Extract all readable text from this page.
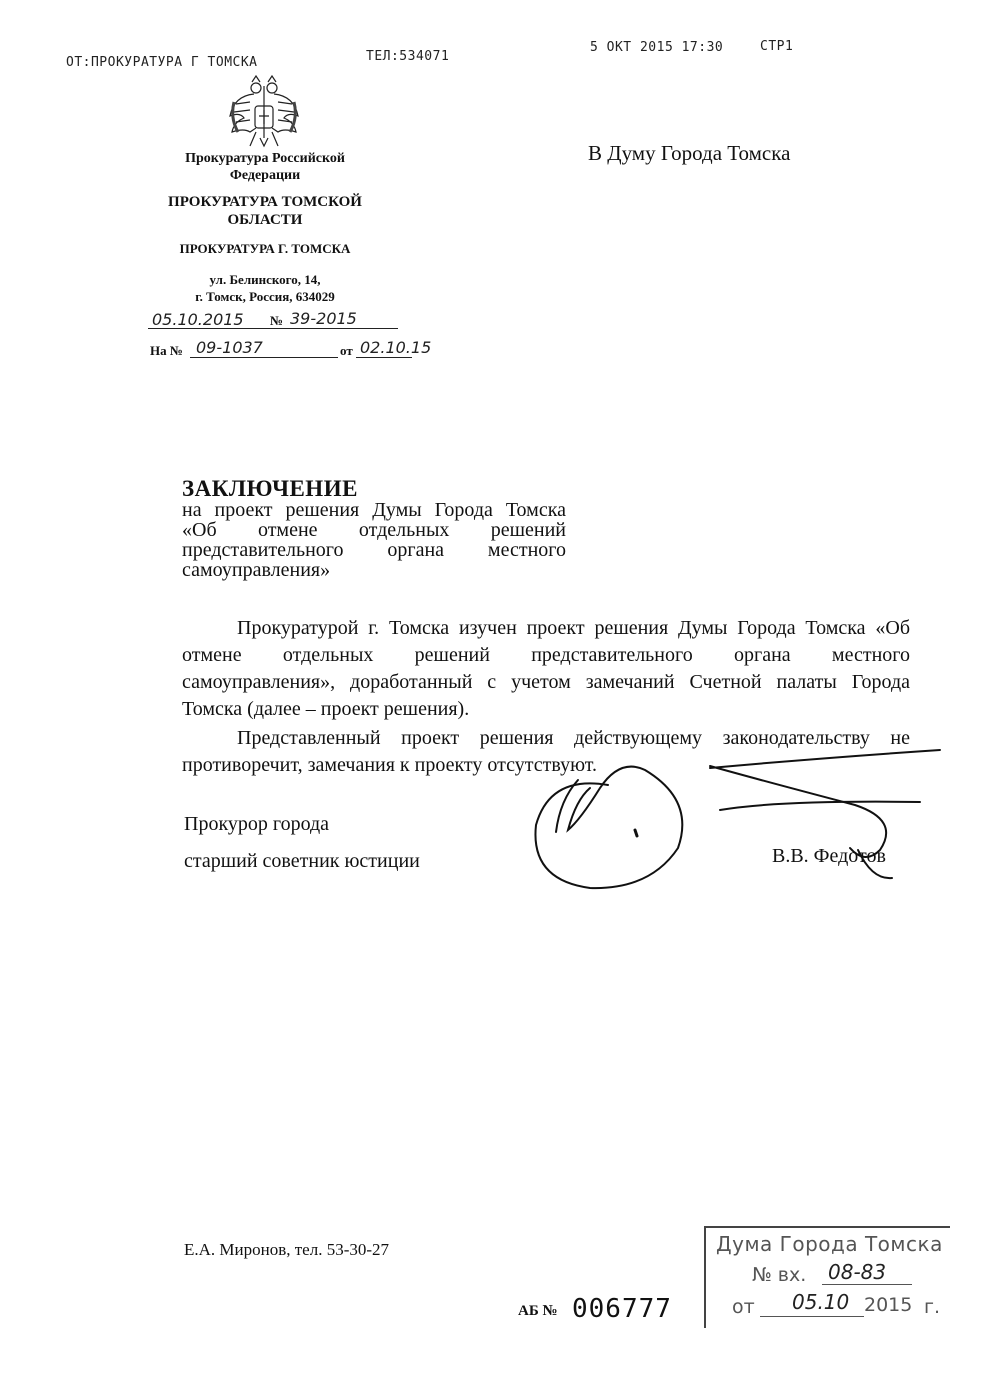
ОТ:ПРОКУРАТУРА Г ТОМСКА	ТЕЛ:534071
5 ОКТ 2015 17:30	СТР1
Прокуратура Российской Федерации
ПРОКУРАТУРА ТОМСКОЙ ОБЛАСТИ
ПРОКУРАТУРА Г. ТОМСКА
ул. Белинского, 14,
г. Томск, Россия, 634029
05.10.2015 № 39-2015
На № 09-1037	от 02.10.15
В Думу Города Томска
ЗАКЛЮЧЕНИЕ

на проект решения Думы Города Томска

«Об отмене отдельных решений

представительного органа местного

самоуправления»

Прокуратурой г. Томска изучен проект решения Думы Города Томска «Об

отмене отдельных решений представительного органа местного

самоуправления», доработанный с учетом замечаний Счетной палаты Города

Томска (далее – проект решения).

Представленный проект решения действующему законодательству не

противоречит, замечания к проекту отсутствуют.

Прокурор города
старший советник юстиции	В.В. Федотов
Е.А. Миронов, тел. 53-30-27
АБ № 006777
Дума Города Томска
№ вх. 08-83
от 05.10 2015 г.
